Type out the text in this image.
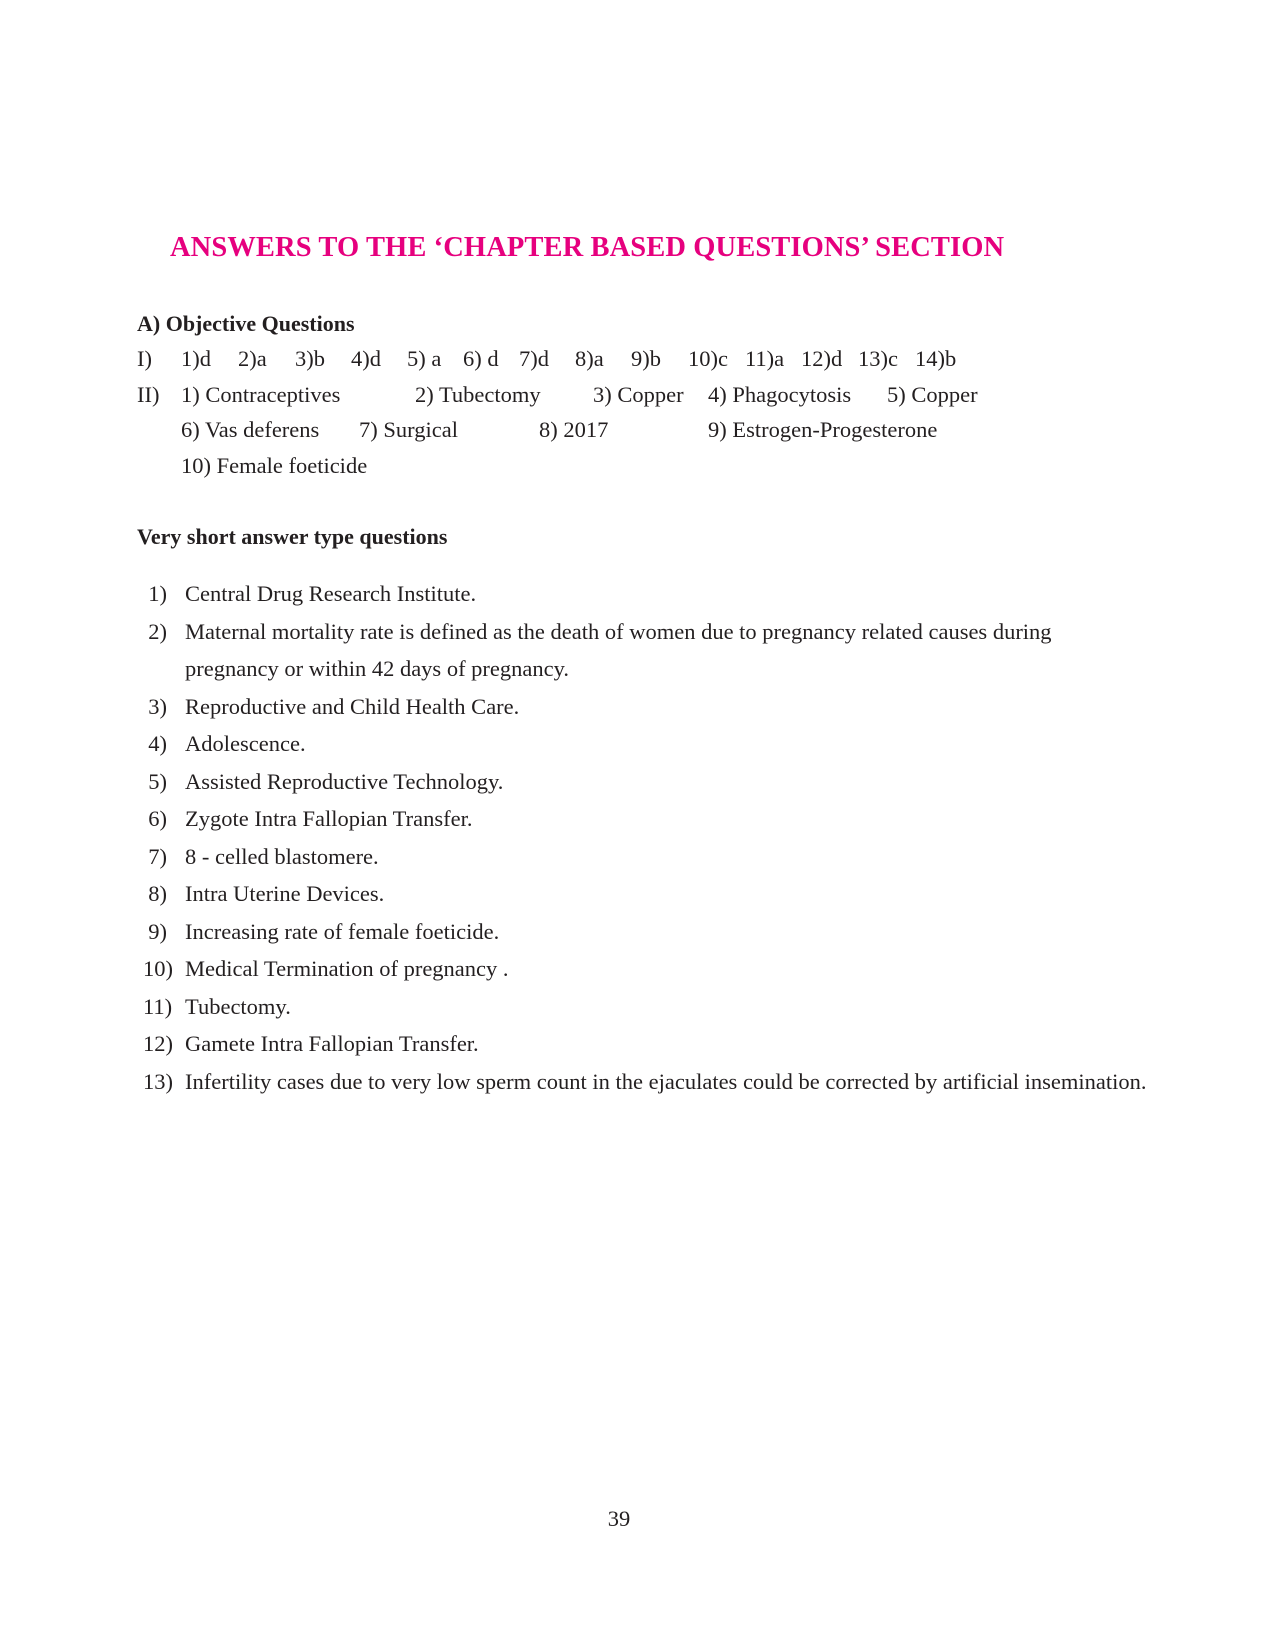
ANSWERS TO THE ‘CHAPTER BASED QUESTIONS’ SECTION
A) Objective Questions
I) 1)d 2)a 3)b 4)d 5) a 6) d 7)d 8)a 9)b 10)c 11)a 12)d 13)c 14)b
II) 1) Contraceptives	2) Tubectomy 3) Copper 4) Phagocytosis 5) Copper
6) Vas deferens 7) Surgical	8) 2017	9) Estrogen-Progesterone
10) Female foeticide
Very short answer type questions
1) Central Drug Research Institute.
2) Maternal mortality rate is defined as the death of women due to pregnancy related causes during pregnancy or within 42 days of pregnancy.
3) Reproductive and Child Health Care.
4) Adolescence.
5) Assisted Reproductive Technology.
6) Zygote Intra Fallopian Transfer.
7) 8 - celled blastomere.
8) Intra Uterine Devices.
9) Increasing rate of female foeticide.
10) Medical Termination of pregnancy .
11) Tubectomy.
12) Gamete Intra Fallopian Transfer.
13) Infertility cases due to very low sperm count in the ejaculates could be corrected by artificial insemination.
39
